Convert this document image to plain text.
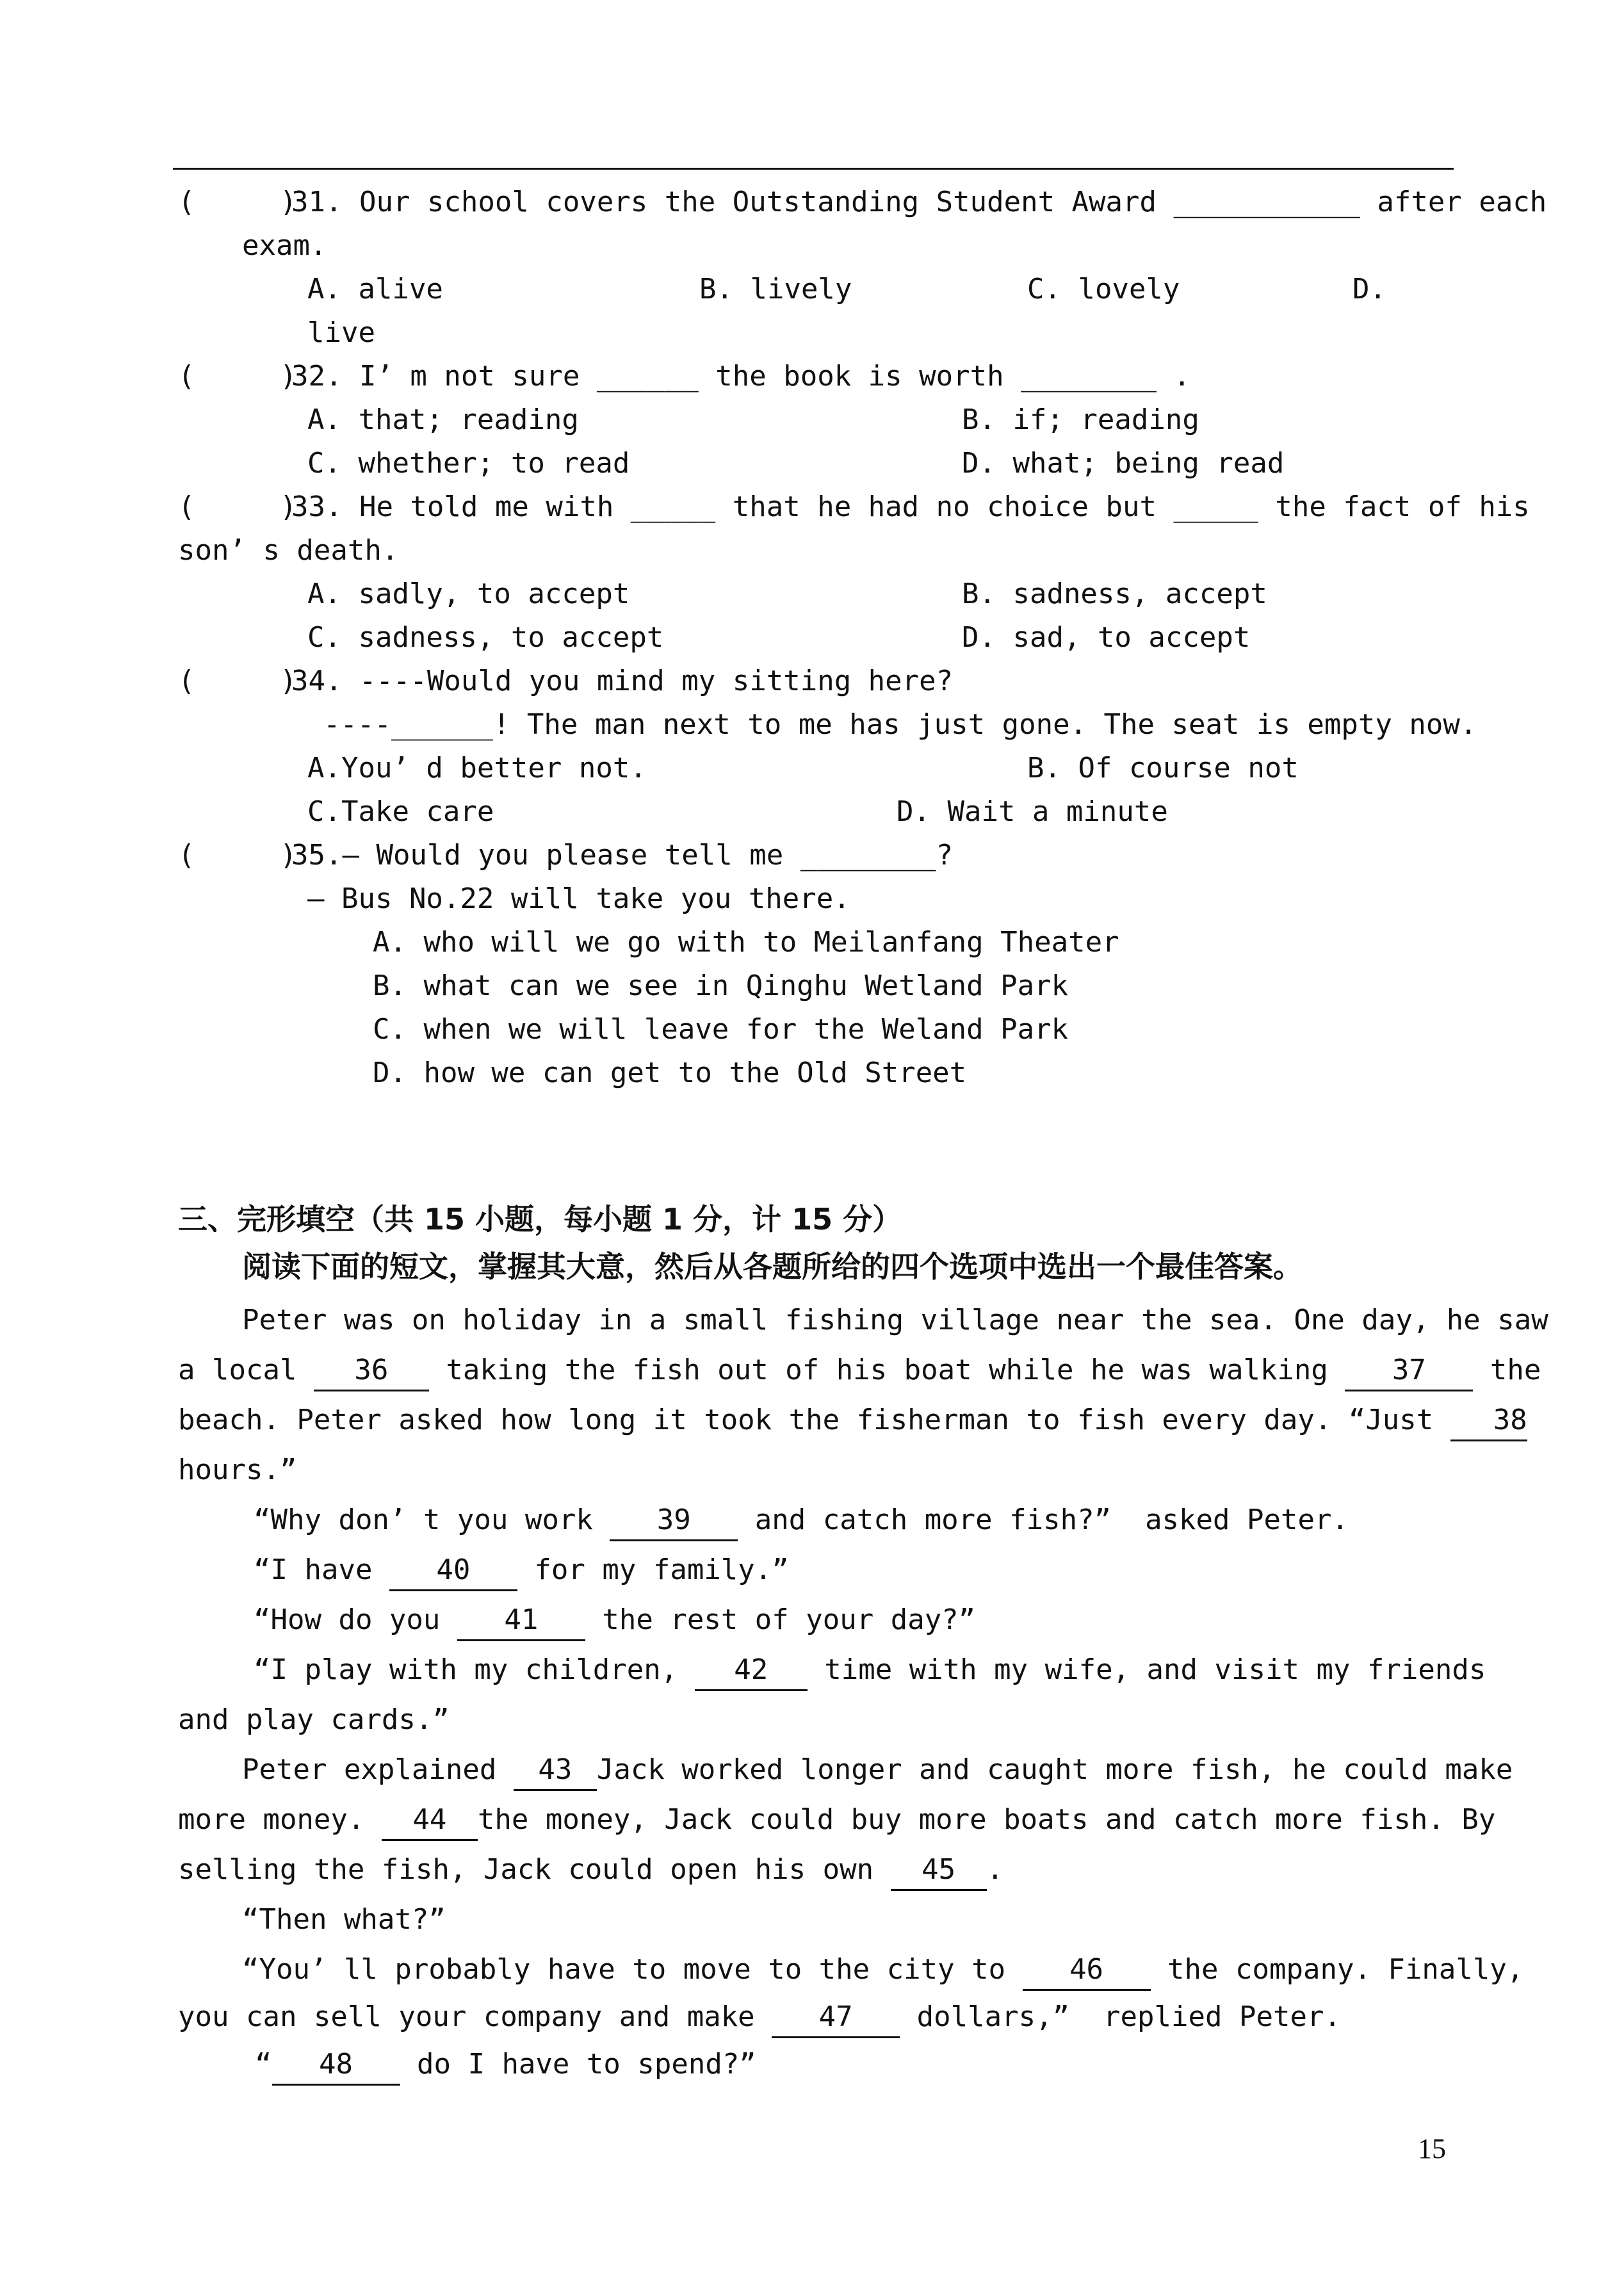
(     )
31. Our school covers the Outstanding Student Award ___________ after each
exam.
A. alive	B. lively	C. lovely	D.
live
(     )
32. I’ m not sure ______ the book is worth ________ .
A. that; reading	B. if; reading
C. whether; to read	D. what; being read
(     )
33. He told me with _____ that he had no choice but _____ the fact of his
son’ s death.
A. sadly, to accept	B. sadness, accept
C. sadness, to accept	D. sad, to accept
(     )
34. ----Would you mind my sitting here?
----______! The man next to me has just gone. The seat is empty now.
A.You’ d better not.	B. Of course not
C.Take care	D. Wait a minute
(     )
35.— Would you please tell me ________?
— Bus No.22 will take you there.
A. who will we go with to Meilanfang Theater
B. what can we see in Qinghu Wetland Park
C. when we will leave for the Weland Park
D. how we can get to the Old Street
三、完形填空（共 15 小题，每小题 1 分，计 15 分）
阅读下面的短文，掌握其大意，然后从各题所给的四个选项中选出一个最佳答案。
Peter was on holiday in a small fishing village near the sea. One day, he saw
a local 36 taking the fish out of his boat while he was walking 37 the
beach. Peter asked how long it took the fisherman to fish every day. “Just 38
hours.”
“Why don’ t you work 39 and catch more fish?”  asked Peter.
“I have 40 for my family.”
“How do you 41 the rest of your day?”
“I play with my children, 42 time with my wife, and visit my friends
and play cards.”
Peter explained 43 Jack worked longer and caught more fish, he could make
more money. 44 the money, Jack could buy more boats and catch more fish. By
selling the fish, Jack could open his own 45 .
“Then what?”
“You’ ll probably have to move to the city to 46 the company. Finally,
you can sell your company and make 47 dollars,”  replied Peter.
“ 48 do I have to spend?”
15
